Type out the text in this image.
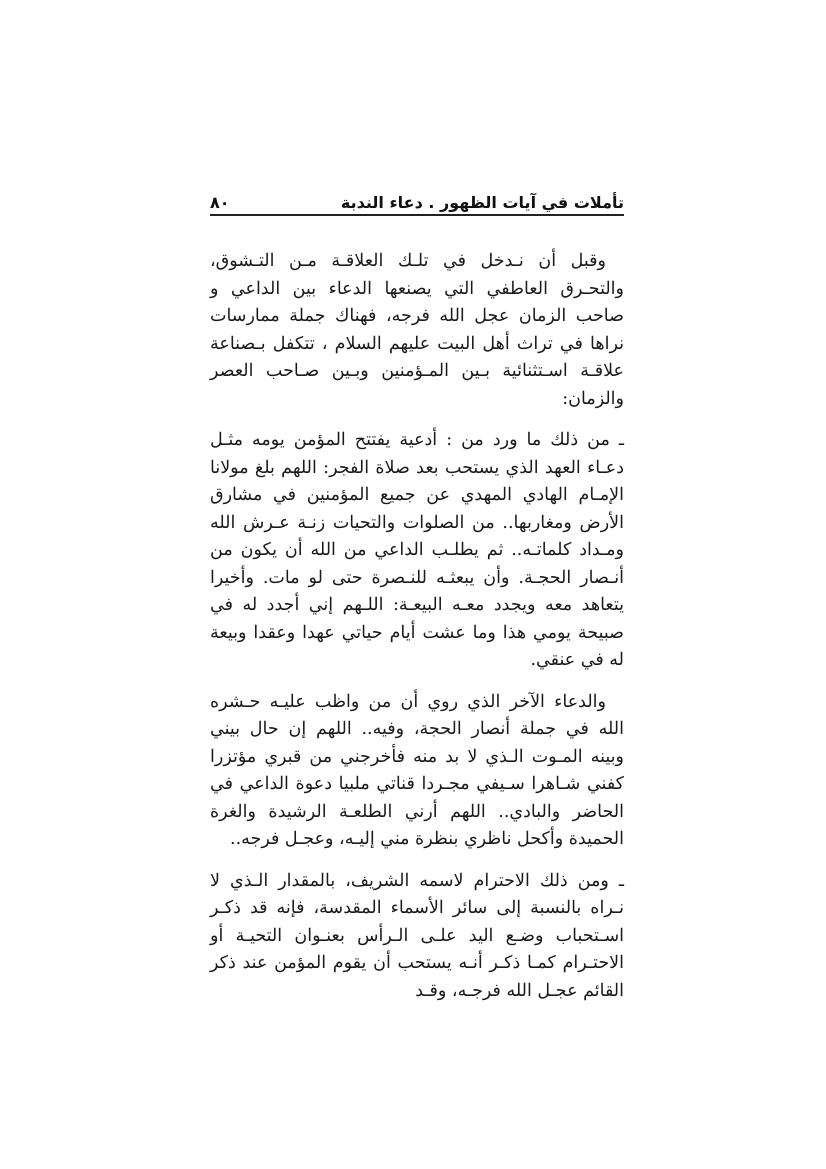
تأملات في آيات الظهور . دعاء الندبة
٨٠

وقبل أن نـدخل في تلـك العلاقـة مـن التـشوق، والتحـرق العاطفي التي يصنعها الدعاء بين الداعي و صاحب الزمان عجل الله فرجه، فهناك جملة ممارسات نراها في تراث أهل البيت عليهم السلام ، تتكفل بـصناعة علاقـة اسـتثنائية بـين المـؤمنين وبـين صـاحب العصر والزمان:

ـ من ذلك ما ورد من : أدعية يفتتح المؤمن يومه مثـل دعـاء العهد الذي يستحب بعد صلاة الفجر: اللهم بلغ مولانا الإمـام الهادي المهدي عن جميع المؤمنين في مشارق الأرض ومغاربها.. من الصلوات والتحيات زنـة عـرش الله ومـداد كلماتـه.. ثم يطلـب الداعي من الله أن يكون من أنـصار الحجـة. وأن يبعثـه للنـصرة حتى لو مات. وأخيرا يتعاهد معه ويجدد معـه البيعـة: اللـهم إني أجدد له في صبيحة يومي هذا وما عشت أيام حياتي عهدا وعقدا وبيعة له في عنقي.

والدعاء الآخر الذي روي أن من واظب عليـه حـشره الله في جملة أنصار الحجة، وفيه.. اللهم إن حال بيني وبينه المـوت الـذي لا بد منه فأخرجني من قبري مؤتزرا كفني شـاهرا سـيفي مجـردا قناتي ملبيا دعوة الداعي في الحاضر والبادي.. اللهم أرني الطلعـة الرشيدة والغرة الحميدة وأكحل ناظري بنظرة مني إليـه، وعجـل فرجه..

ـ ومن ذلك الاحترام لاسمه الشريف، بالمقدار الـذي لا نـراه بالنسبة إلى سائر الأسماء المقدسة، فإنه قد ذكـر اسـتحباب وضـع اليد علـى الـرأس بعنـوان التحيـة أو الاحتـرام كمـا ذكـر أنـه يستحب أن يقوم المؤمن عند ذكر القائم عجـل الله فرجـه، وقـد
